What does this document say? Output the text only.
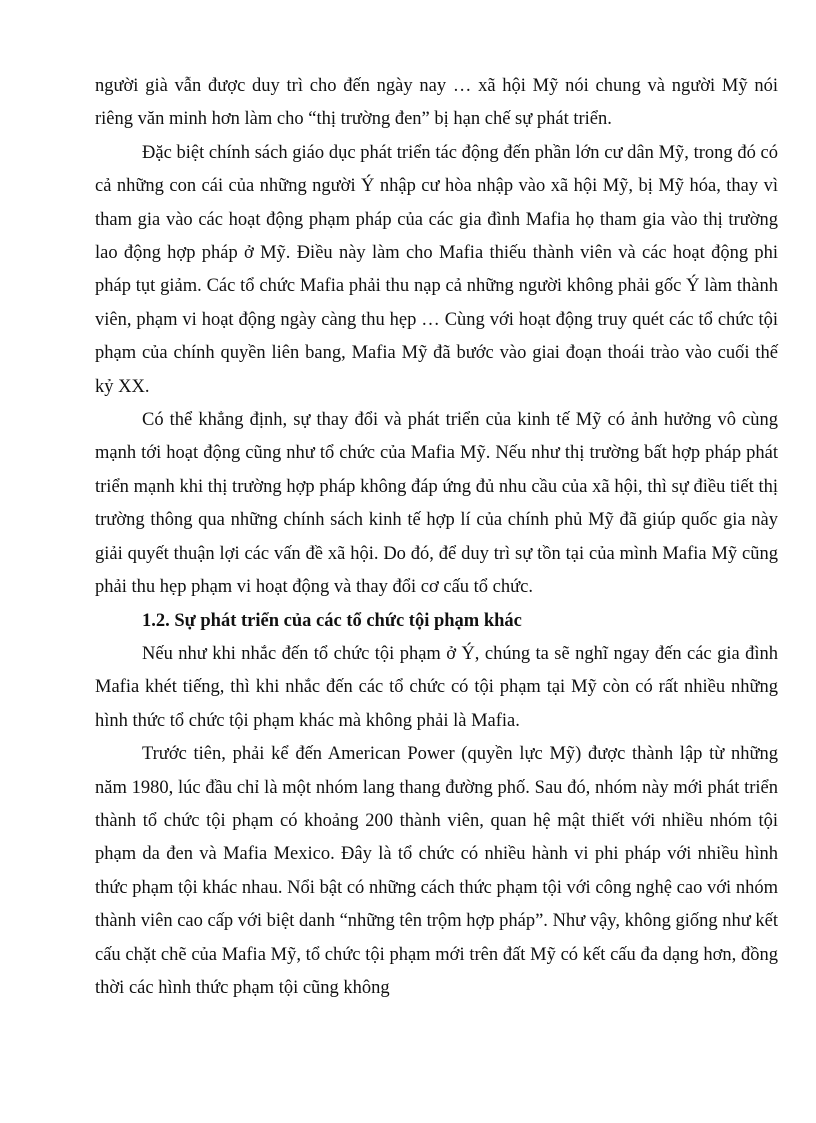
người già vẫn được duy trì cho đến ngày nay … xã hội Mỹ nói chung và người Mỹ nói riêng văn minh hơn làm cho “thị trường đen” bị hạn chế sự phát triển.

Đặc biệt chính sách giáo dục phát triển tác động đến phần lớn cư dân Mỹ, trong đó có cả những con cái của những người Ý nhập cư hòa nhập vào xã hội Mỹ, bị Mỹ hóa, thay vì tham gia vào các hoạt động phạm pháp của các gia đình Mafia họ tham gia vào thị trường lao động hợp pháp ở Mỹ. Điều này làm cho Mafia thiếu thành viên và các hoạt động phi pháp tụt giảm. Các tổ chức Mafia phải thu nạp cả những người không phải gốc Ý làm thành viên, phạm vi hoạt động ngày càng thu hẹp … Cùng với hoạt động truy quét các tổ chức tội phạm của chính quyền liên bang, Mafia Mỹ đã bước vào giai đoạn thoái trào vào cuối thế kỷ XX.

Có thể khẳng định, sự thay đổi và phát triển của kinh tế Mỹ có ảnh hưởng vô cùng mạnh tới hoạt động cũng như tổ chức của Mafia Mỹ. Nếu như thị trường bất hợp pháp phát triển mạnh khi thị trường hợp pháp không đáp ứng đủ nhu cầu của xã hội, thì sự điều tiết thị trường thông qua những chính sách kinh tế hợp lí của chính phủ Mỹ đã giúp quốc gia này giải quyết thuận lợi các vấn đề xã hội. Do đó, để duy trì sự tồn tại của mình Mafia Mỹ cũng phải thu hẹp phạm vi hoạt động và thay đổi cơ cấu tổ chức.

1.2. Sự phát triển của các tổ chức tội phạm khác

Nếu như khi nhắc đến tổ chức tội phạm ở Ý, chúng ta sẽ nghĩ ngay đến các gia đình Mafia khét tiếng, thì khi nhắc đến các tổ chức có tội phạm tại Mỹ còn có rất nhiều những hình thức tổ chức tội phạm khác mà không phải là Mafia.

Trước tiên, phải kể đến American Power (quyền lực Mỹ) được thành lập từ những năm 1980, lúc đầu chỉ là một nhóm lang thang đường phố. Sau đó, nhóm này mới phát triển thành tổ chức tội phạm có khoảng 200 thành viên, quan hệ mật thiết với nhiều nhóm tội phạm da đen và Mafia Mexico. Đây là tổ chức có nhiều hành vi phi pháp với nhiều hình thức phạm tội khác nhau. Nổi bật có những cách thức phạm tội với công nghệ cao với nhóm thành viên cao cấp với biệt danh “những tên trộm hợp pháp”. Như vậy, không giống như kết cấu chặt chẽ của Mafia Mỹ, tổ chức tội phạm mới trên đất Mỹ có kết cấu đa dạng hơn, đồng thời các hình thức phạm tội cũng không
